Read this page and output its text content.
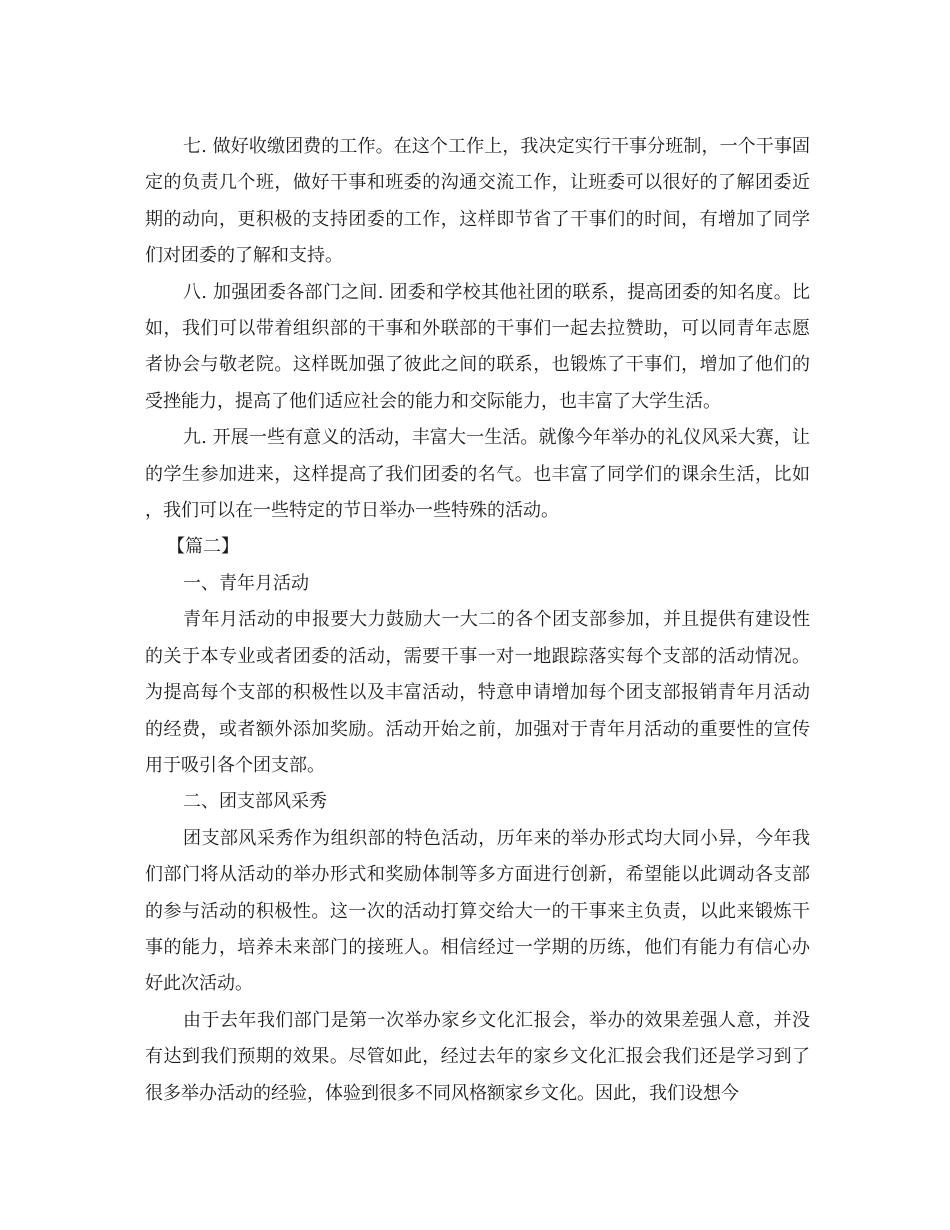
七. 做好收缴团费的工作。在这个工作上，我决定实行干事分班制，一个干事固定的负责几个班，做好干事和班委的沟通交流工作，让班委可以很好的了解团委近期的动向，更积极的支持团委的工作，这样即节省了干事们的时间，有增加了同学们对团委的了解和支持。

八. 加强团委各部门之间. 团委和学校其他社团的联系，提高团委的知名度。比如，我们可以带着组织部的干事和外联部的干事们一起去拉赞助，可以同青年志愿者协会与敬老院。这样既加强了彼此之间的联系，也锻炼了干事们，增加了他们的受挫能力，提高了他们适应社会的能力和交际能力，也丰富了大学生活。

九. 开展一些有意义的活动，丰富大一生活。就像今年举办的礼仪风采大赛，让的学生参加进来，这样提高了我们团委的名气。也丰富了同学们的课余生活，比如，我们可以在一些特定的节日举办一些特殊的活动。

【篇二】

一、青年月活动

青年月活动的申报要大力鼓励大一大二的各个团支部参加，并且提供有建设性的关于本专业或者团委的活动，需要干事一对一地跟踪落实每个支部的活动情况。为提高每个支部的积极性以及丰富活动，特意申请增加每个团支部报销青年月活动的经费，或者额外添加奖励。活动开始之前，加强对于青年月活动的重要性的宣传用于吸引各个团支部。

二、团支部风采秀

团支部风采秀作为组织部的特色活动，历年来的举办形式均大同小异，今年我们部门将从活动的举办形式和奖励体制等多方面进行创新，希望能以此调动各支部的参与活动的积极性。这一次的活动打算交给大一的干事来主负责，以此来锻炼干事的能力，培养未来部门的接班人。相信经过一学期的历练，他们有能力有信心办好此次活动。

由于去年我们部门是第一次举办家乡文化汇报会，举办的效果差强人意，并没有达到我们预期的效果。尽管如此，经过去年的家乡文化汇报会我们还是学习到了很多举办活动的经验，体验到很多不同风格额家乡文化。因此，我们设想今
